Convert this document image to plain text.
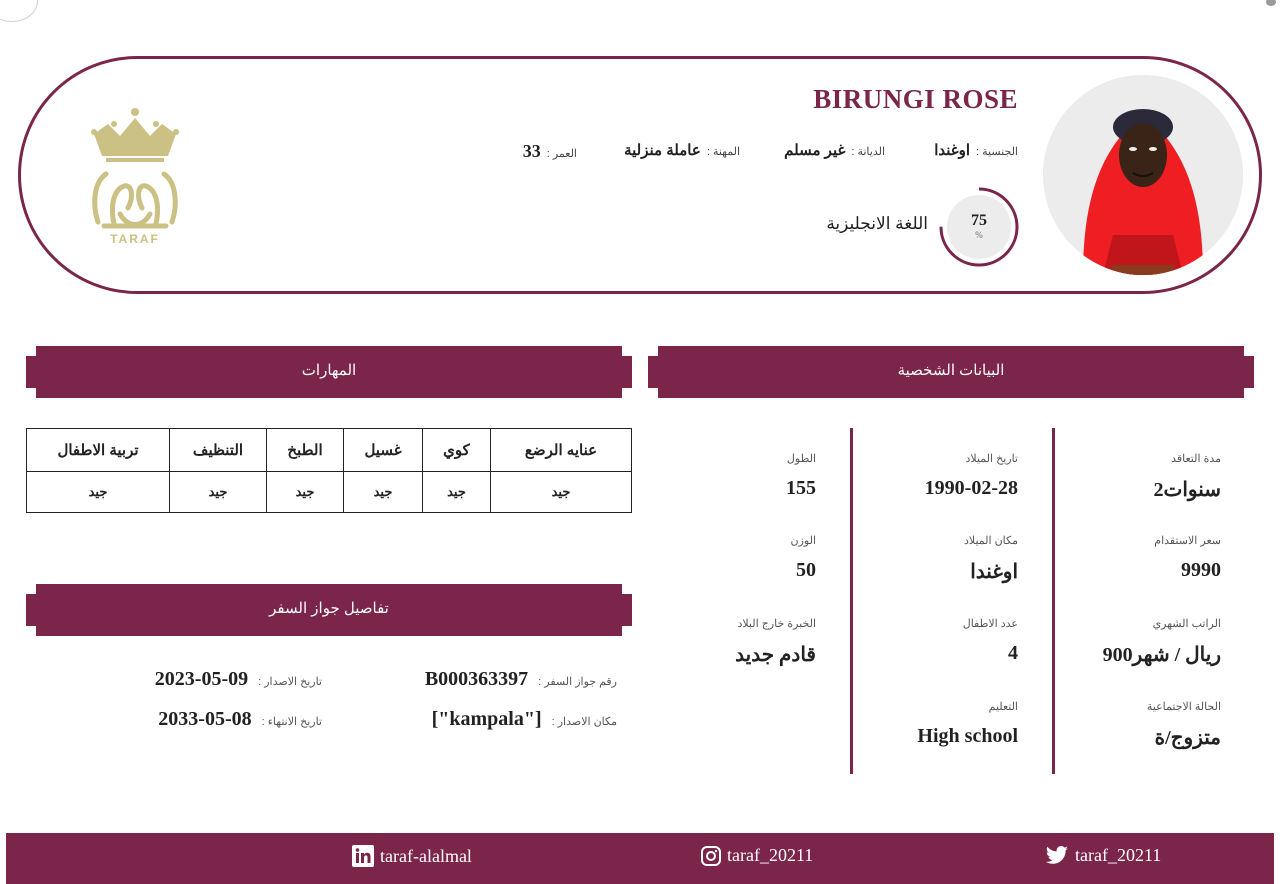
TARAF
BIRUNGI ROSE
الجنسية :
اوغندا
الديانة :
غير مسلم
المهنة :
عاملة منزلية
العمر :
33
75
%
اللغة الانجليزية
البيانات الشخصية
المهارات
تفاصيل جواز السفر
مدة التعاقد
2سنوات
سعر الاستقدام
9990
الراتب الشهري
900ريال / شهر
الحالة الاجتماعية
متزوج/ة
تاريخ الميلاد
1990-02-28
مكان الميلاد
اوغندا
عدد الاطفال
4
التعليم
High school
الطول
155
الوزن
50
الخبرة خارج البلاد
قادم جديد
عنايه الرضع	كوي	غسيل	الطبخ	التنظيف	تربية الاطفال
جيد	جيد	جيد	جيد	جيد	جيد
رقم جواز السفر :
B000363397
مكان الاصدار :
["kampala"]
تاريخ الاصدار :
2023-05-09
تاريخ الانتهاء :
2033-05-08
taraf-alalmal	taraf_20211	taraf_20211
